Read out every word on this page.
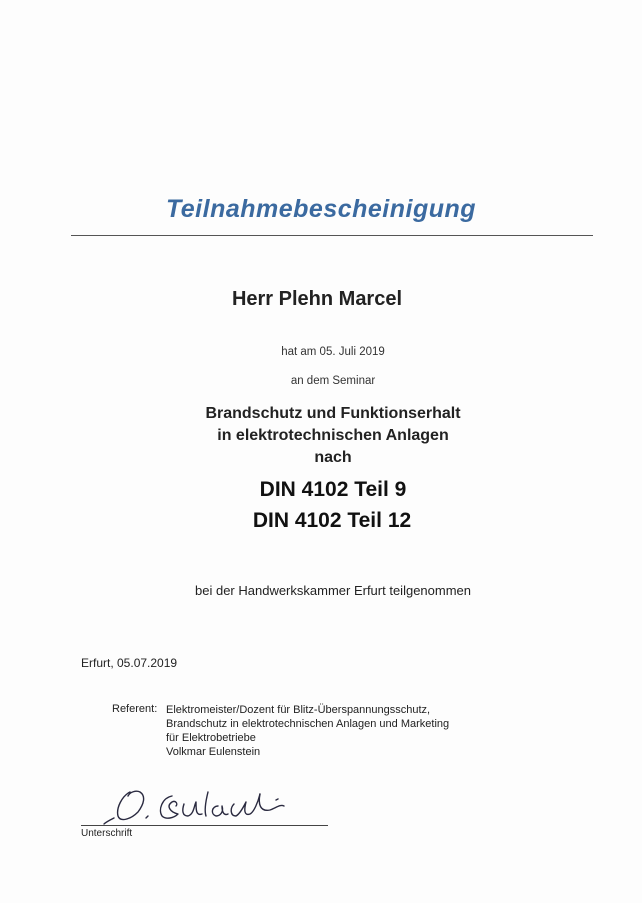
Teilnahmebescheinigung
Herr Plehn Marcel
hat am 05. Juli 2019
an dem Seminar
Brandschutz und Funktionserhalt
in elektrotechnischen Anlagen
nach
DIN 4102 Teil 9
DIN 4102 Teil 12
bei der Handwerkskammer Erfurt teilgenommen
Erfurt, 05.07.2019
Referent: Elektromeister/Dozent für Blitz-Überspannungsschutz,
Brandschutz in elektrotechnischen Anlagen und Marketing
für Elektrobetriebe
Volkmar Eulenstein
Unterschrift
